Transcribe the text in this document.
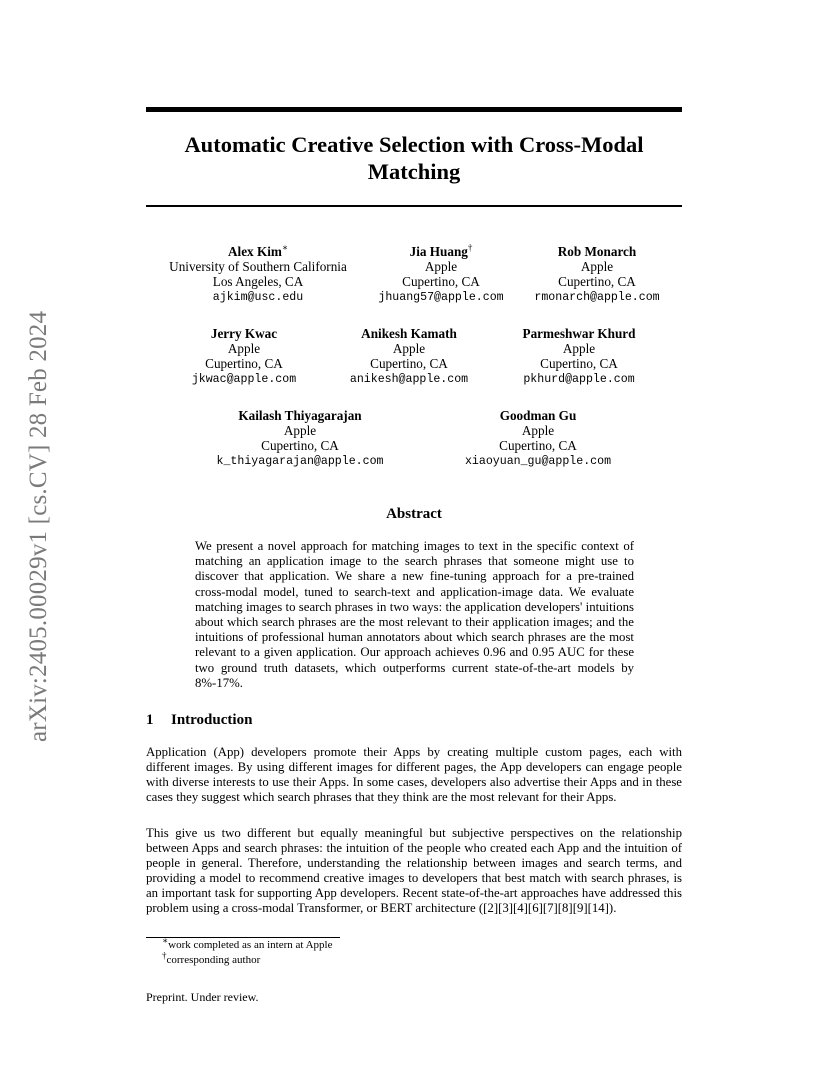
arXiv:2405.00029v1 [cs.CV] 28 Feb 2024
Automatic Creative Selection with Cross-Modal Matching
Alex Kim∗
University of Southern California
Los Angeles, CA
ajkim@usc.edu
Jia Huang†
Apple
Cupertino, CA
jhuang57@apple.com
Rob Monarch
Apple
Cupertino, CA
rmonarch@apple.com
Jerry Kwac
Apple
Cupertino, CA
jkwac@apple.com
Anikesh Kamath
Apple
Cupertino, CA
anikesh@apple.com
Parmeshwar Khurd
Apple
Cupertino, CA
pkhurd@apple.com
Kailash Thiyagarajan
Apple
Cupertino, CA
k_thiyagarajan@apple.com
Goodman Gu
Apple
Cupertino, CA
xiaoyuan_gu@apple.com
Abstract
We present a novel approach for matching images to text in the specific context of matching an application image to the search phrases that someone might use to discover that application. We share a new fine-tuning approach for a pre-trained cross-modal model, tuned to search-text and application-image data. We evaluate matching images to search phrases in two ways: the application developers' intuitions about which search phrases are the most relevant to their application images; and the intuitions of professional human annotators about which search phrases are the most relevant to a given application. Our approach achieves 0.96 and 0.95 AUC for these two ground truth datasets, which outperforms current state-of-the-art models by 8%-17%.
1 Introduction

Application (App) developers promote their Apps by creating multiple custom pages, each with different images. By using different images for different pages, the App developers can engage people with diverse interests to use their Apps. In some cases, developers also advertise their Apps and in these cases they suggest which search phrases that they think are the most relevant for their Apps.

This give us two different but equally meaningful but subjective perspectives on the relationship between Apps and search phrases: the intuition of the people who created each App and the intuition of people in general. Therefore, understanding the relationship between images and search terms, and providing a model to recommend creative images to developers that best match with search phrases, is an important task for supporting App developers. Recent state-of-the-art approaches have addressed this problem using a cross-modal Transformer, or BERT architecture ([2][3][4][6][7][8][9][14]).

∗work completed as an intern at Apple
†corresponding author
Preprint. Under review.
